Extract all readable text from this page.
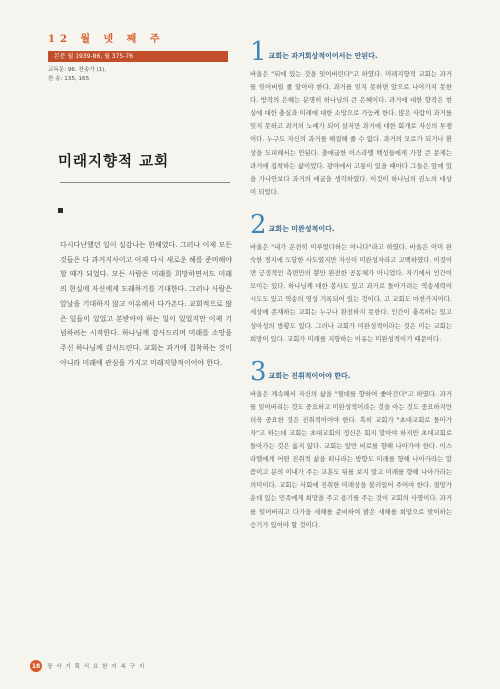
12 월 넷 째 주
본문 월 1939-86, 월 375-76
교독문: 96. 찬송가 (1),
찬 송: 135, 165
미래지향적 교회
다시다난했던 일이 실감나는 한해였다. 그러나 이제 모든 것들은 다 과거지사이고 이제 다시 새로운 해를 준비해야 할 때가 되었다. 모든 사람은 미래를 희망하면서도 미래의 현실에 자신에게 도래하기를 기대한다. 그러나 사람은 앞날을 기대하지 않고 이유해서 다가온다. 교회적으로 많은 일들이 있었고 본받아야 하는 일이 있었지만 이제 기념하려는 시작한다. 하나님께 감사드리며 미래를 소망을 주신 하나님께 감사드린다. 교회는 과거에 집착하는 것이 아니라 미래에 관심을 가지고 미래지향적이어야 한다.
1 교회는 과거회상적이어서는 안된다.
바울은 "뒤에 있는 것을 잊어버린다"고 하였다. 미래지향적 교회는 과거를 잊어버릴 줄 알아야 한다. 과거를 잊지 못하면 앞으로 나아가지 못한다. 방작의 은혜는 분명히 하나님의 큰 은혜이다. 과거에 대한 향작은 현실에 대한 충실과 미래에 대한 소망으로 가능케 한다. 많은 사람이 과거를 잊지 못하고 과거의 노예가 되어 살지만 과거에 대한 회개로 자신의 투쟁이다. 누구도 자신의 과거를 해결해 줄 수 없다. 과거의 모로가 되거나 환상을 도피해서는 안된다. 출애굽한 이스라엘 백성들에게 가장 큰 문제는 과거에 집착하는 삶이었다. 광야에서 고통이 있을 때마다 그들은 앞에 있을 가나안보다 과거의 애굽을 생각하였다. 이것이 하나님의 권노의 대상이 되었다.
2 교회는 미완성적이다.
바울은 "내가 온전히 이루었다하는 아니다"라고 하였다. 바울은 이미 완숙한 경지에 도달한 사도였지만 자신이 미완성자라고 고백하였다. 이것이면 긍정적인 측면만의 뿐만 완전한 공동체가 아니었다. 자기에서 인간이 모이는 있다. 하나님께 대한 봉사도 있고 과거로 돌아가려는 역송세력이 시도도 있고 역송의 영성 기록되어 있는 것이다. 고 교회도 마찬가지이다. 세상에 존재하는 교회는 누구나 완전하지 못한다. 인간이 충족하는 있고 성아성의 방황도 있다. 그러나 교회가 미완성적이라는 것은 미는 교회는 희망이 있다. 교회가 미래를 지향하는 이유는 미완성적이기 때문이다.
3 교회는 진취적이어야 한다.
바울은 계속해서 자신의 삶을 "뒷데를 향하여 좇아간다"고 하였다. 과거를 잊어버리는 것도 중요하고 미완성적이라는 것을 아는 것도 중요하지만 더욱 중요한 것은 진취적이어야 한다. 혹히 교회가 "초대교회로 돌아가자"고 하는데 교회는 초대교회의 정신은 회지 말아야 하지만 초대교회로 돌아가는 것은 옳지 않다. 교회는 앞만 비로를 향해 나아가야 한다. 이스라엘에게 어떤 진취적 삶을 떠나라는 방향도 미래를 향해 나아가라는 말씀이고 분의 이내가 주는 교훈도 뒤를 보지 말고 미래를 향해 나아가라는 의미이다. 교회는 사회에 진취한 미래상을 불러일어 주어야 한다. 절망가운데 있는 민족에게 희망을 주고 용기를 주는 것이 교회의 사명이다. 과거를 잊어버리고 다가을 새해를 준비하여 밝은 새해를 희망으로 맞이하는 승기가 있어야 할 것이다.
18	장 사 기 획 서 요 한 지 복 구 지
